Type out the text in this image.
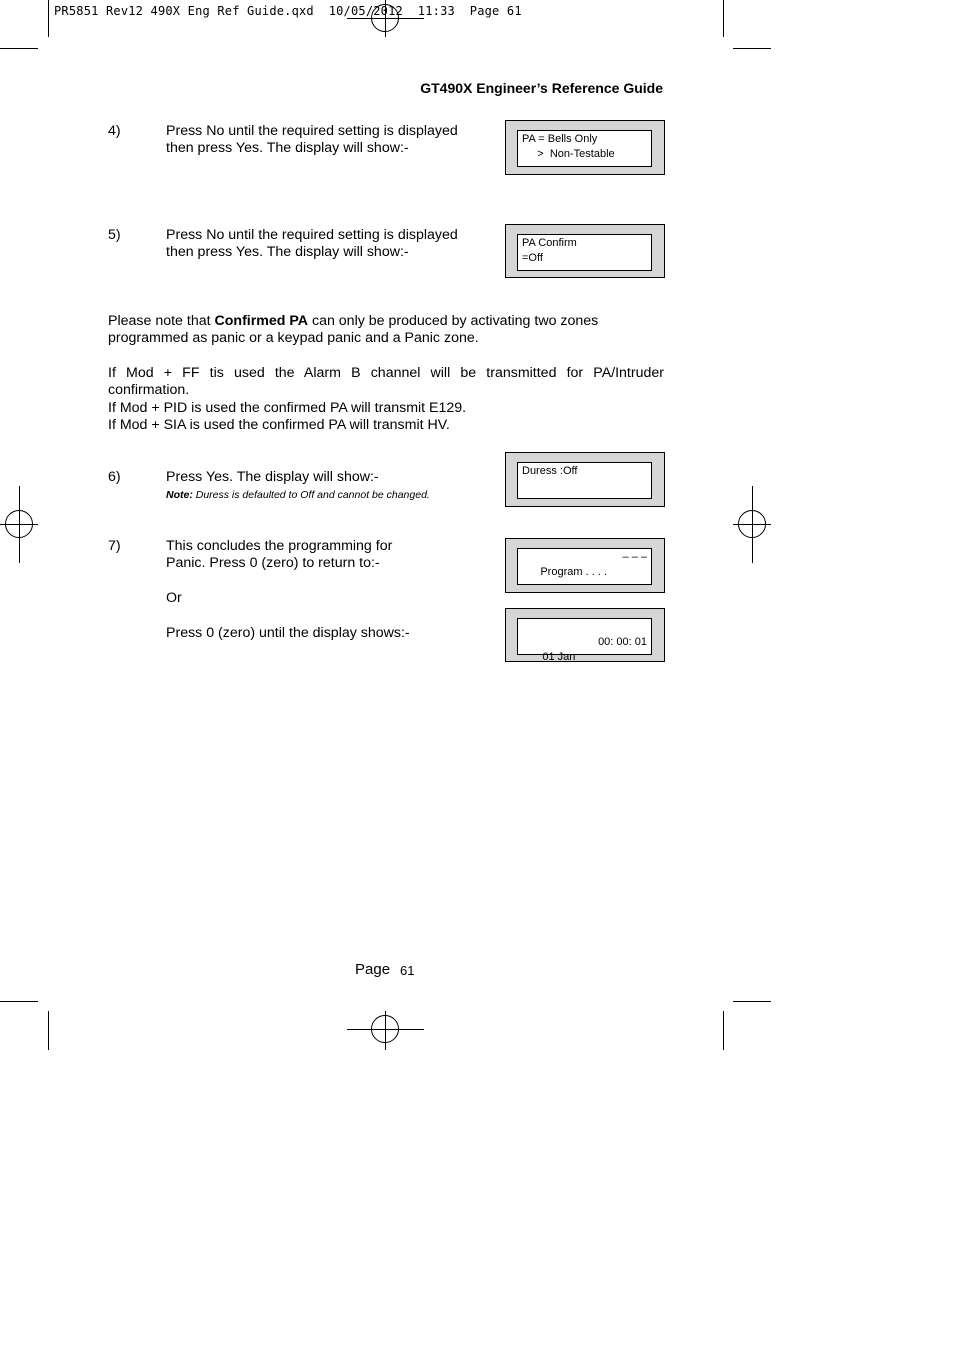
PR5851 Rev12 490X Eng Ref Guide.qxd  10/05/2012  11:33  Page 61
GT490X Engineer’s Reference Guide
4)	Press No until the required setting is displayed
then press Yes. The display will show:-
PA = Bells Only
>  Non-Testable
5)	Press No until the required setting is displayed
then press Yes. The display will show:-
PA Confirm
=Off
Please note that Confirmed PA can only be produced by activating two zones
programmed as panic or a keypad panic and a Panic zone.
If Mod + FF tis used the Alarm B channel will be transmitted for PA/Intruder
confirmation.
If Mod + PID is used the confirmed PA will transmit E129.
If Mod + SIA is used the confirmed PA will transmit HV.
6)	Press Yes. The display will show:-
Note: Duress is defaulted to Off and cannot be changed.
Duress :Off
7)	This concludes the programming for
Panic. Press 0 (zero) to return to:-
Or
Press 0 (zero) until the display shows:-

Program . . . .

– – –

01 Jan

00: 00: 01

Page 61
